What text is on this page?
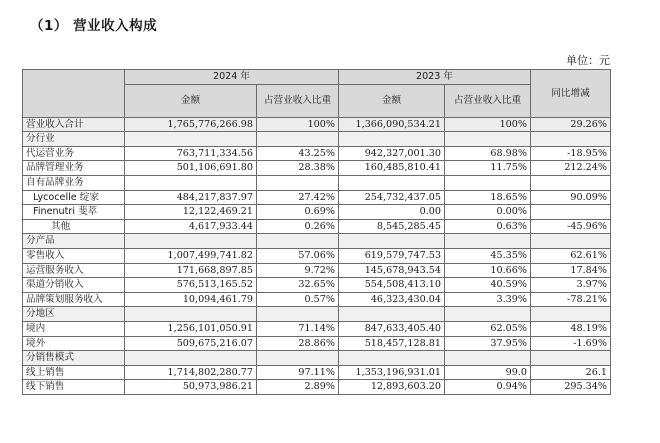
（1） 营业收入构成
单位：元
	2024 年		2023 年		同比增减
	金额	占营业收入比重	金额	占营业收入比重	
营业收入合计	1,765,776,266.98	100%	1,366,090,534.21	100%	29.26%
分行业					
代运营业务	763,711,334.56	43.25%	942,327,001.30	68.98%	-18.95%
品牌管理业务	501,106,691.80	28.38%	160,485,810.41	11.75%	212.24%
自有品牌业务					
Lycocelle 绽家	484,217,837.97	27.42%	254,732,437.05	18.65%	90.09%
Finenutri 斐萃	12,122,469.21	0.69%	0.00	0.00%	
其他	4,617,933.44	0.26%	8,545,285.45	0.63%	-45.96%
分产品					
零售收入	1,007,499,741.82	57.06%	619,579,747.53	45.35%	62.61%
运营服务收入	171,668,897.85	9.72%	145,678,943.54	10.66%	17.84%
渠道分销收入	576,513,165.52	32.65%	554,508,413.10	40.59%	3.97%
品牌策划服务收入	10,094,461.79	0.57%	46,323,430.04	3.39%	-78.21%
分地区					
境内	1,256,101,050.91	71.14%	847,633,405.40	62.05%	48.19%
境外	509,675,216.07	28.86%	518,457,128.81	37.95%	-1.69%
分销售模式					
线上销售	1,714,802,280.77	97.11%	1,353,196,931.01	99.0	26.1
线下销售	50,973,986.21	2.89%	12,893,603.20	0.94%	295.34%
